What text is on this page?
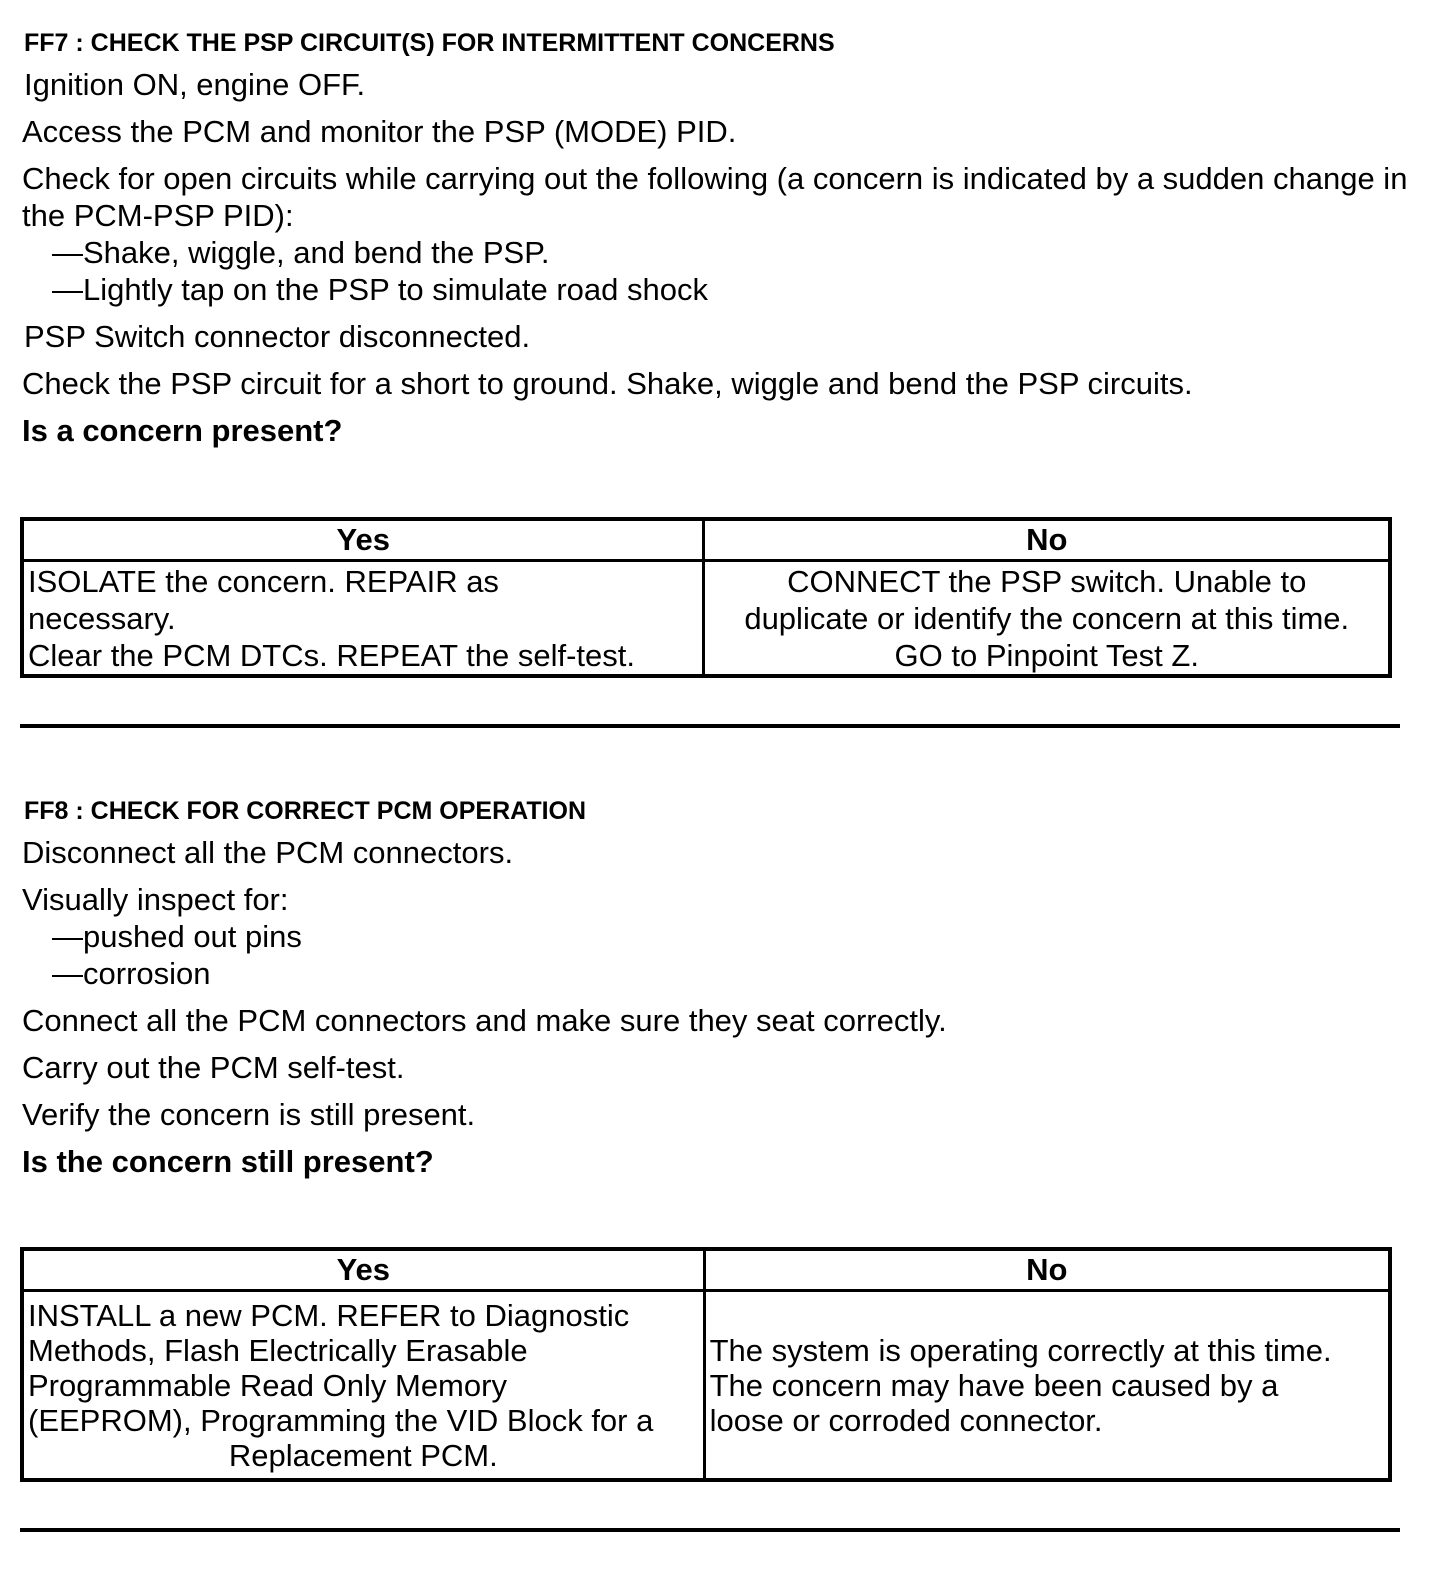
FF7 : CHECK THE PSP CIRCUIT(S) FOR INTERMITTENT CONCERNS

Ignition ON, engine OFF.

Access the PCM and monitor the PSP (MODE) PID.

Check for open circuits while carrying out the following (a concern is indicated by a sudden change in the PCM-PSP PID):

—Shake, wiggle, and bend the PSP.
—Lightly tap on the PSP to simulate road shock

PSP Switch connector disconnected.

Check the PSP circuit for a short to ground. Shake, wiggle and bend the PSP circuits.

Is a concern present?

Yes	No
ISOLATE the concern. REPAIR as
necessary.
Clear the PCM DTCs. REPEAT the self-test.	CONNECT the PSP switch. Unable to
duplicate or identify the concern at this time.
GO to Pinpoint Test Z.
FF8 : CHECK FOR CORRECT PCM OPERATION

Disconnect all the PCM connectors.

Visually inspect for:

—pushed out pins
—corrosion

Connect all the PCM connectors and make sure they seat correctly.

Carry out the PCM self-test.

Verify the concern is still present.

Is the concern still present?

Yes	No
INSTALL a new PCM. REFER to Diagnostic
Methods, Flash Electrically Erasable
Programmable Read Only Memory
(EEPROM), Programming the VID Block for a
Replacement PCM.	The system is operating correctly at this time.
The concern may have been caused by a
loose or corroded connector.
